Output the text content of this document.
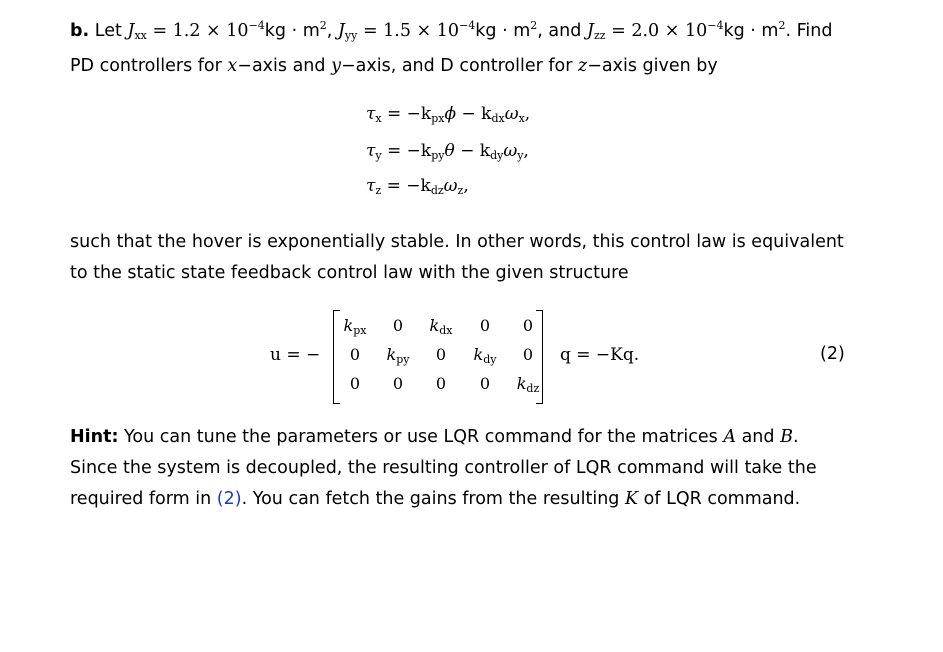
b. Let $J_{xx} = 1.2 \times 10^{-4}kg \cdot m^2$, $J_{yy} = 1.5 \times 10^{-4}kg \cdot m^2$, and $J_{zz} = 2.0 \times 10^{-4}kg \cdot m^2$. Find PD controllers for x−axis and y−axis, and D controller for z−axis given by

$\tau_x = -k_{px}\phi - k_{dx}\omega_x$,
$\tau_y = -k_{py}\theta - k_{dy}\omega_y$,
$\tau_z = -k_{dz}\omega_z$,

such that the hover is exponentially stable. In other words, this control law is equivalent to the static state feedback control law with the given structure

u = −
$k_{px}$	0	$k_{dx}$	0	0
0	$k_{py}$	0	$k_{dy}$	0
0	0	0	0	$k_{dz}$
q = −Kq.	(2)

Hint: You can tune the parameters or use LQR command for the matrices A and B. Since the system is decoupled, the resulting controller of LQR command will take the required form in (2). You can fetch the gains from the resulting K of LQR command.
